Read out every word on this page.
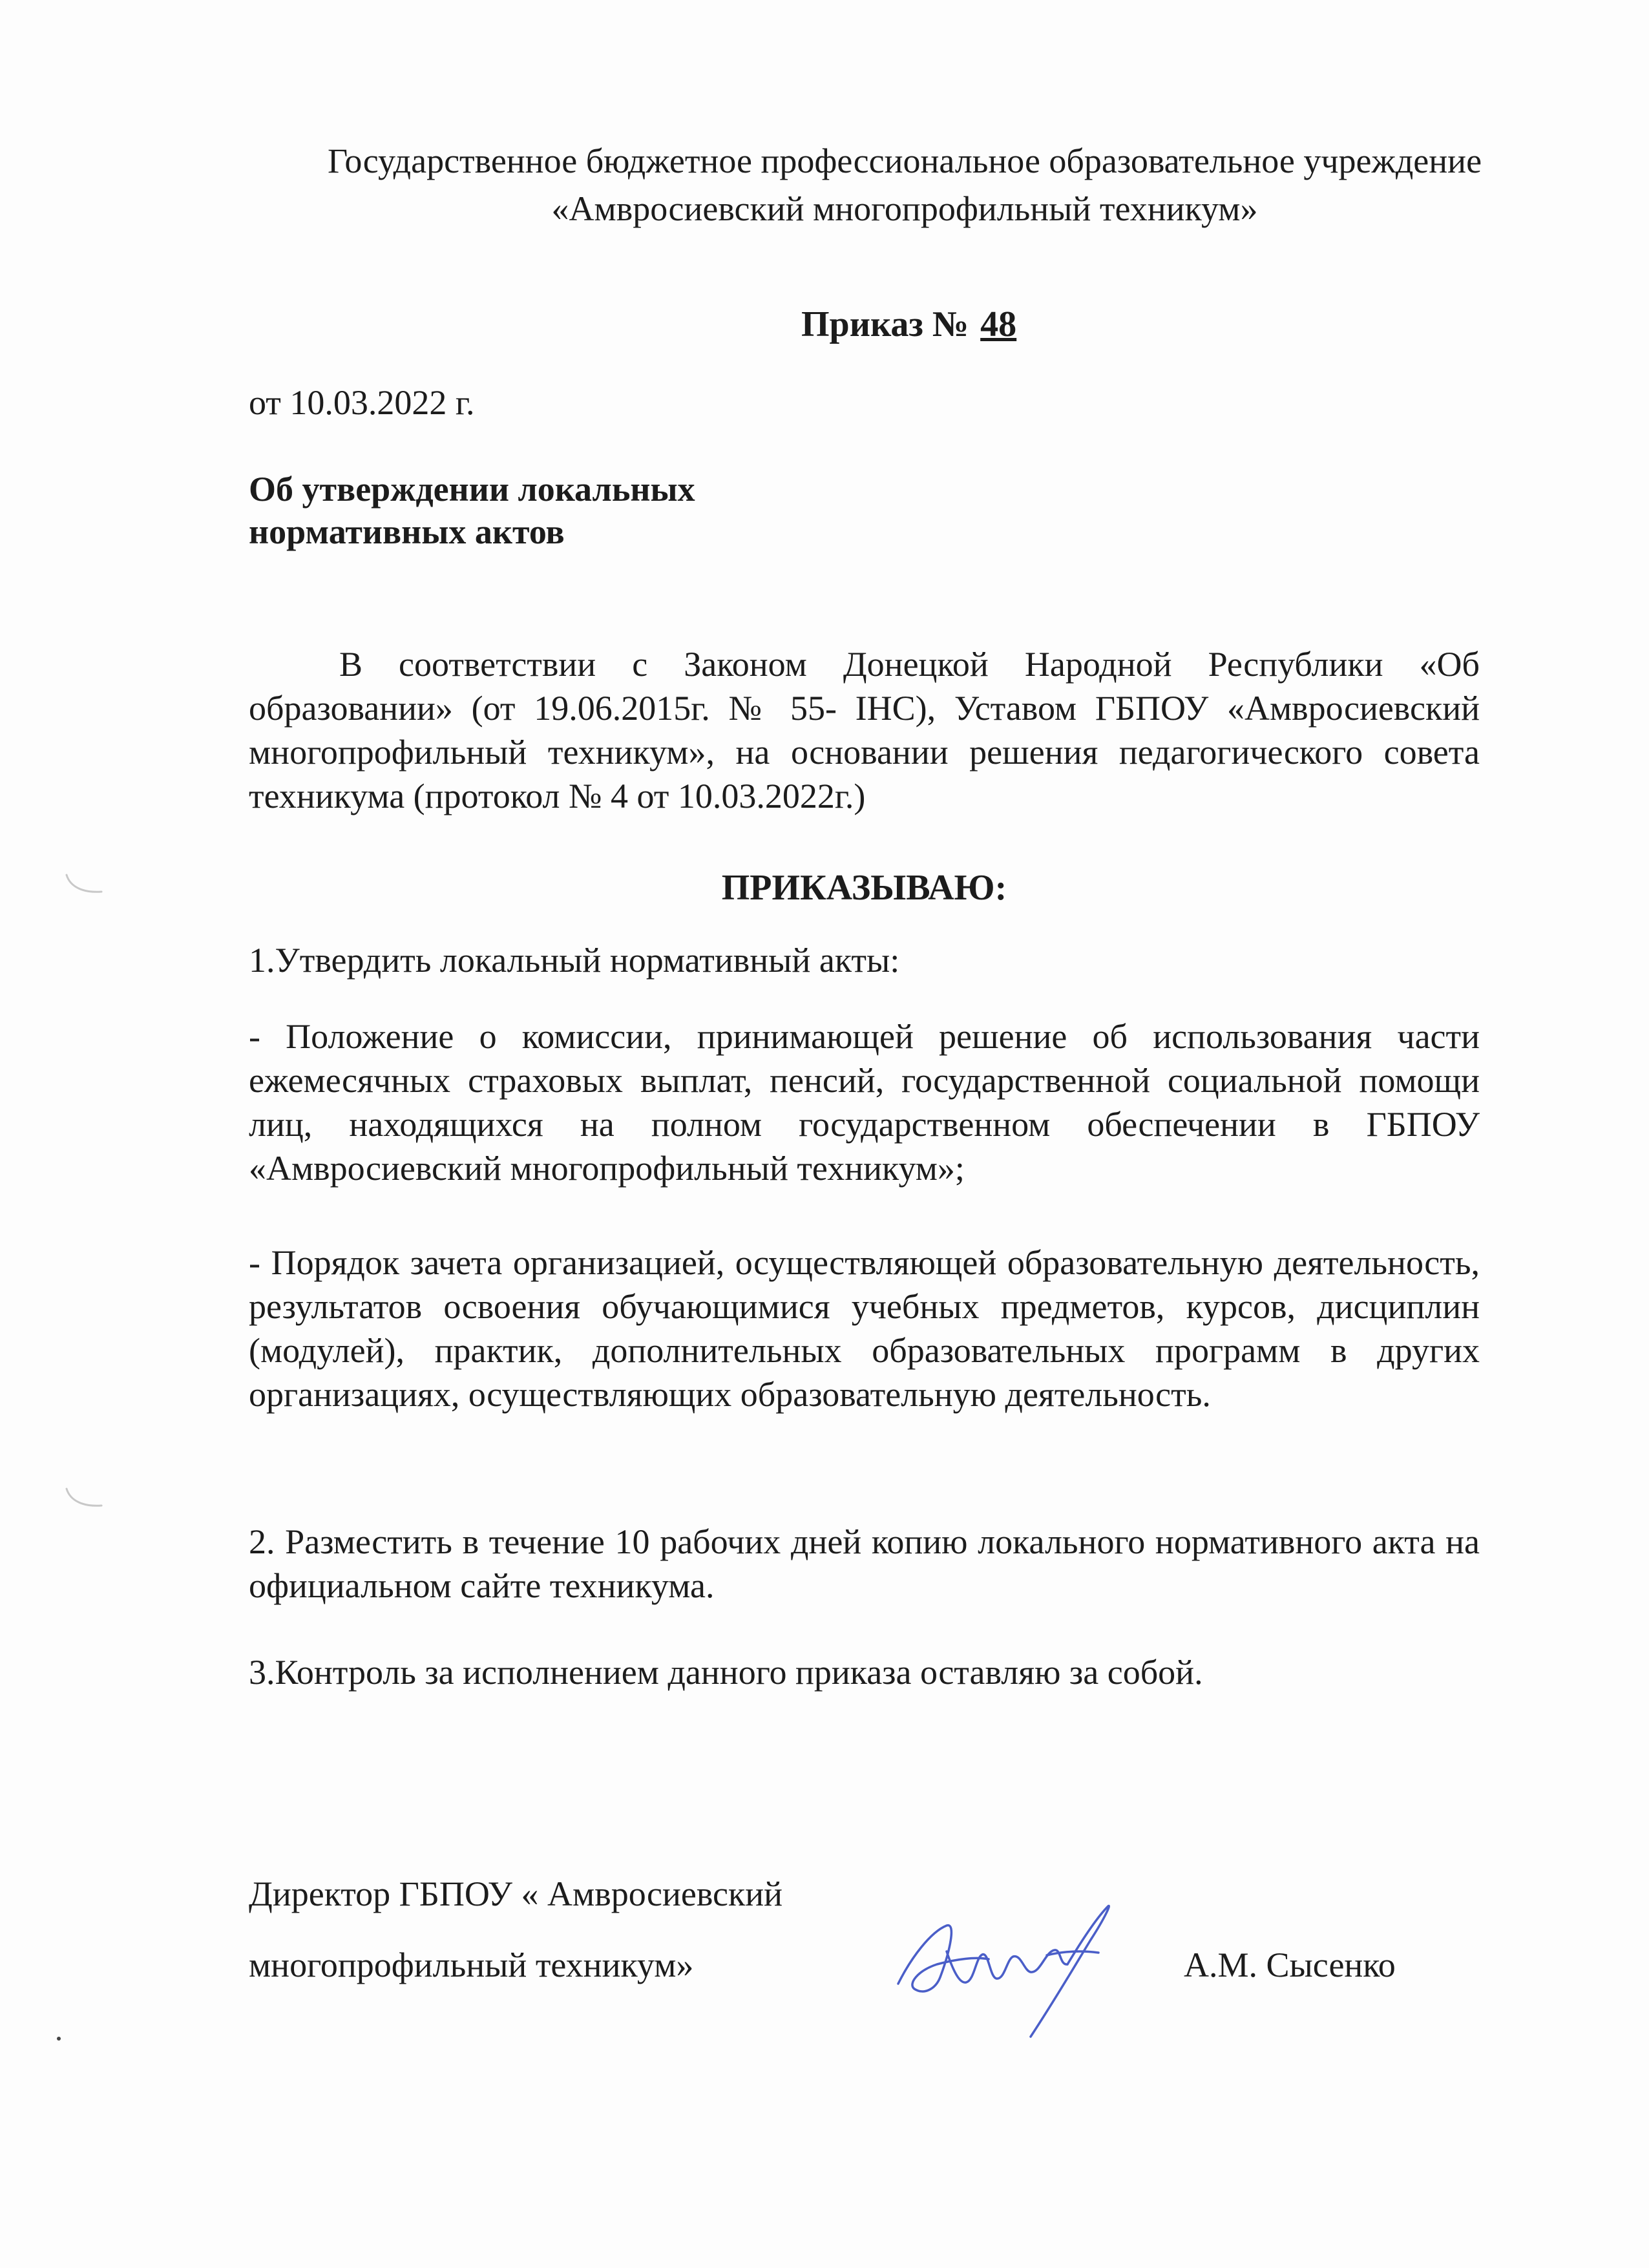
Государственное бюджетное профессиональное образовательное учреждение
«Амвросиевский многопрофильный техникум»
Приказ № 48
от 10.03.2022 г.
Об утверждении локальных
нормативных актов

В соответствии с Законом Донецкой Народной Республики «Об образовании» (от 19.06.2015г. № 55- IНС), Уставом ГБПОУ «Амвросиевский многопрофильный техникум», на основании решения педагогического совета техникума (протокол № 4 от 10.03.2022г.)

ПРИКАЗЫВАЮ:

1.Утвердить локальный нормативный акты:

- Положение о комиссии, принимающей решение об использования части ежемесячных страховых выплат, пенсий, государственной социальной помощи лиц, находящихся на полном государственном обеспечении в ГБПОУ «Амвросиевский многопрофильный техникум»;

- Порядок зачета организацией, осуществляющей образовательную деятельность, результатов освоения обучающимися учебных предметов, курсов, дисциплин (модулей), практик, дополнительных образовательных программ в других организациях, осуществляющих образовательную деятельность.

2. Разместить в течение 10 рабочих дней копию локального нормативного акта на официальном сайте техникума.

3.Контроль за исполнением данного приказа оставляю за собой.

Директор ГБПОУ « Амвросиевский
многопрофильный техникум»	А.М. Сысенко
